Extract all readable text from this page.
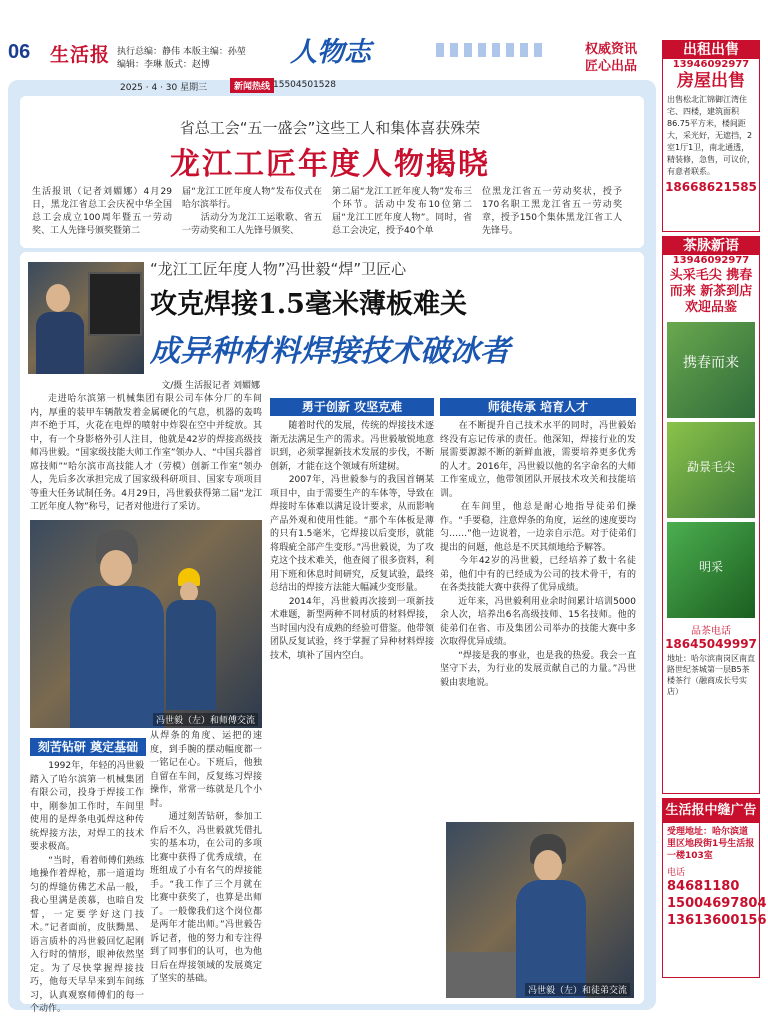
06 生活报 执行总编：静伟 本版主编：孙堃
编辑：李琳 版式：赵博	人物志	权威资讯
匠心出品
2025 · 4 · 30 星期三	新闻热线 15504501528
省总工会“五一盛会”这些工人和集体喜获殊荣
龙江工匠年度人物揭晓
生活报讯（记者刘媚娜）4月29日，黑龙江省总工会庆祝中华全国总工会成立100周年暨五一劳动奖、工人先锋号颁奖暨第二
届“龙江工匠年度人物”发布仪式在哈尔滨举行。
　　活动分为龙江工运歌歌、省五一劳动奖和工人先锋号颁奖、
第二届“龙江工匠年度人物”发布三个环节。活动中发布10位第二届“龙江工匠年度人物”。同时，省总工会决定，授予40个单
位黑龙江省五一劳动奖状，授予170名职工黑龙江省五一劳动奖章，授予150个集体黑龙江省工人先锋号。
“龙江工匠年度人物”冯世毅“焊”卫匠心
攻克焊接1.5毫米薄板难关
成异种材料焊接技术破冰者
文/摄 生活报记者 刘媚娜
走进哈尔滨第一机械集团有限公司车体分厂的车间内，厚重的装甲车辆散发着金属硬化的气息，机器的轰鸣声不绝于耳，火花在电焊的喷射中炸裂在空中并绽放。其中，有一个身影格外引人注目，他就是42岁的焊接高级技师冯世毅。“国家级技能大师工作室”领办人、“中国兵器首席技师”“哈尔滨市高技能人才（劳模）创新工作室”领办人，先后多次承担完成了国家级科研项目、国家专项项目等重大任务试制任务。4月29日，冯世毅获得第二届“龙江工匠年度人物”称号，记者对他进行了采访。
冯世毅（左）和师傅交流
刻苦钻研 奠定基础
　　1992年，年轻的冯世毅踏入了哈尔滨第一机械集团有限公司，投身于焊接工作中，刚参加工作时，车间里使用的是焊条电弧焊这种传统焊接方法，对焊工的技术要求极高。
　　“当时，看着师傅们熟练地操作着焊枪，那一道道均匀的焊缝仿佛艺术品一般，我心里满是羡慕，也暗自发誓，一定要学好这门技术。”记者面前，皮肤黝黑、语言质朴的冯世毅回忆起刚入行时的情形，眼神依然坚定。为了尽快掌握焊接技巧，他每天早早来到车间练习，认真观察师傅们的每一个动作。
从焊条的角度、运把的速度，到手腕的摆动幅度都一一铭记在心。下班后，他独自留在车间，反复练习焊接操作，常常一练就是几个小时。
　　通过刻苦钻研，参加工作后不久，冯世毅就凭借扎实的基本功，在公司的多项比赛中获得了优秀成绩，在班组成了小有名气的焊接能手。“我工作了三个月就在比赛中获奖了，也算是出师了。一般像我们这个岗位都是两年才能出师。”冯世毅告诉记者，他的努力和专注得到了同事们的认可，也为他日后在焊接领域的发展奠定了坚实的基础。
勇于创新 攻坚克难
　　随着时代的发展，传统的焊接技术逐渐无法满足生产的需求。冯世毅敏锐地意识到，必须掌握新技术发展的步伐，不断创新，才能在这个领域有所建树。
　　2007年，冯世毅参与的我国首辆某项目中，由于需要生产的车体等，导致在焊接时车体难以满足设计要求，从而影响产品外观和使用性能。“那个车体板是薄的只有1.5毫米，它焊接以后变形，就能将瑕疵全部产生变形。”冯世毅说，为了攻克这个技术难关，他查阅了很多资料，利用下班和休息时间研究，反复试验，最终总结出的焊接方法能大幅减少变形量。
　　2014年，冯世毅再次接到一项新技术难题，新型两种不同材质的材料焊接，当时国内没有成熟的经验可借鉴。他带领团队反复试验，终于掌握了异种材料焊接技术，填补了国内空白。
师徒传承 培育人才
　　在不断提升自己技术水平的同时，冯世毅始终没有忘记传承的责任。他深知，焊接行业的发展需要源源不断的新鲜血液，需要培养更多优秀的人才。2016年，冯世毅以他的名字命名的大师工作室成立，他带领团队开展技术攻关和技能培训。
　　在车间里，他总是耐心地指导徒弟们操作。“手要稳，注意焊条的角度，运丝的速度要均匀……”他一边说着，一边亲自示范。对于徒弟们提出的问题，他总是不厌其烦地给予解答。
　　今年42岁的冯世毅，已经培养了数十名徒弟，他们中有的已经成为公司的技术骨干，有的在各类技能大赛中获得了优异成绩。
　　近年来，冯世毅利用业余时间累计培训5000余人次，培养出6名高级技师、15名技师。他的徒弟们在省、市及集团公司举办的技能大赛中多次取得优异成绩。
　　“焊接是我的事业，也是我的热爱。我会一直坚守下去，为行业的发展贡献自己的力量。”冯世毅由衷地说。
冯世毅（左）和徒弟交流
出租出售
13946092977
房屋出售
出售松北汇锦御江湾住宅、四楼，建筑面积86.75平方米，楼间距大，采光好，无遮挡，2室1厅1卫，南北通透，精装修，急售，可议价，有意者联系。
18668621585
茶脉新语
13946092977
头采毛尖 携春而来 新茶到店 欢迎品鉴
携春而来
勐景毛尖
明采
品茶电话
18645049997
地址：哈尔滨南岗区南直路世纪茶城第一层B5茶楼茶行（融商成长号实店）
生活报中缝广告
受理地址：哈尔滨道里区地段街1号生活报一楼103室
电话
84681180
15004697804
13613600156
